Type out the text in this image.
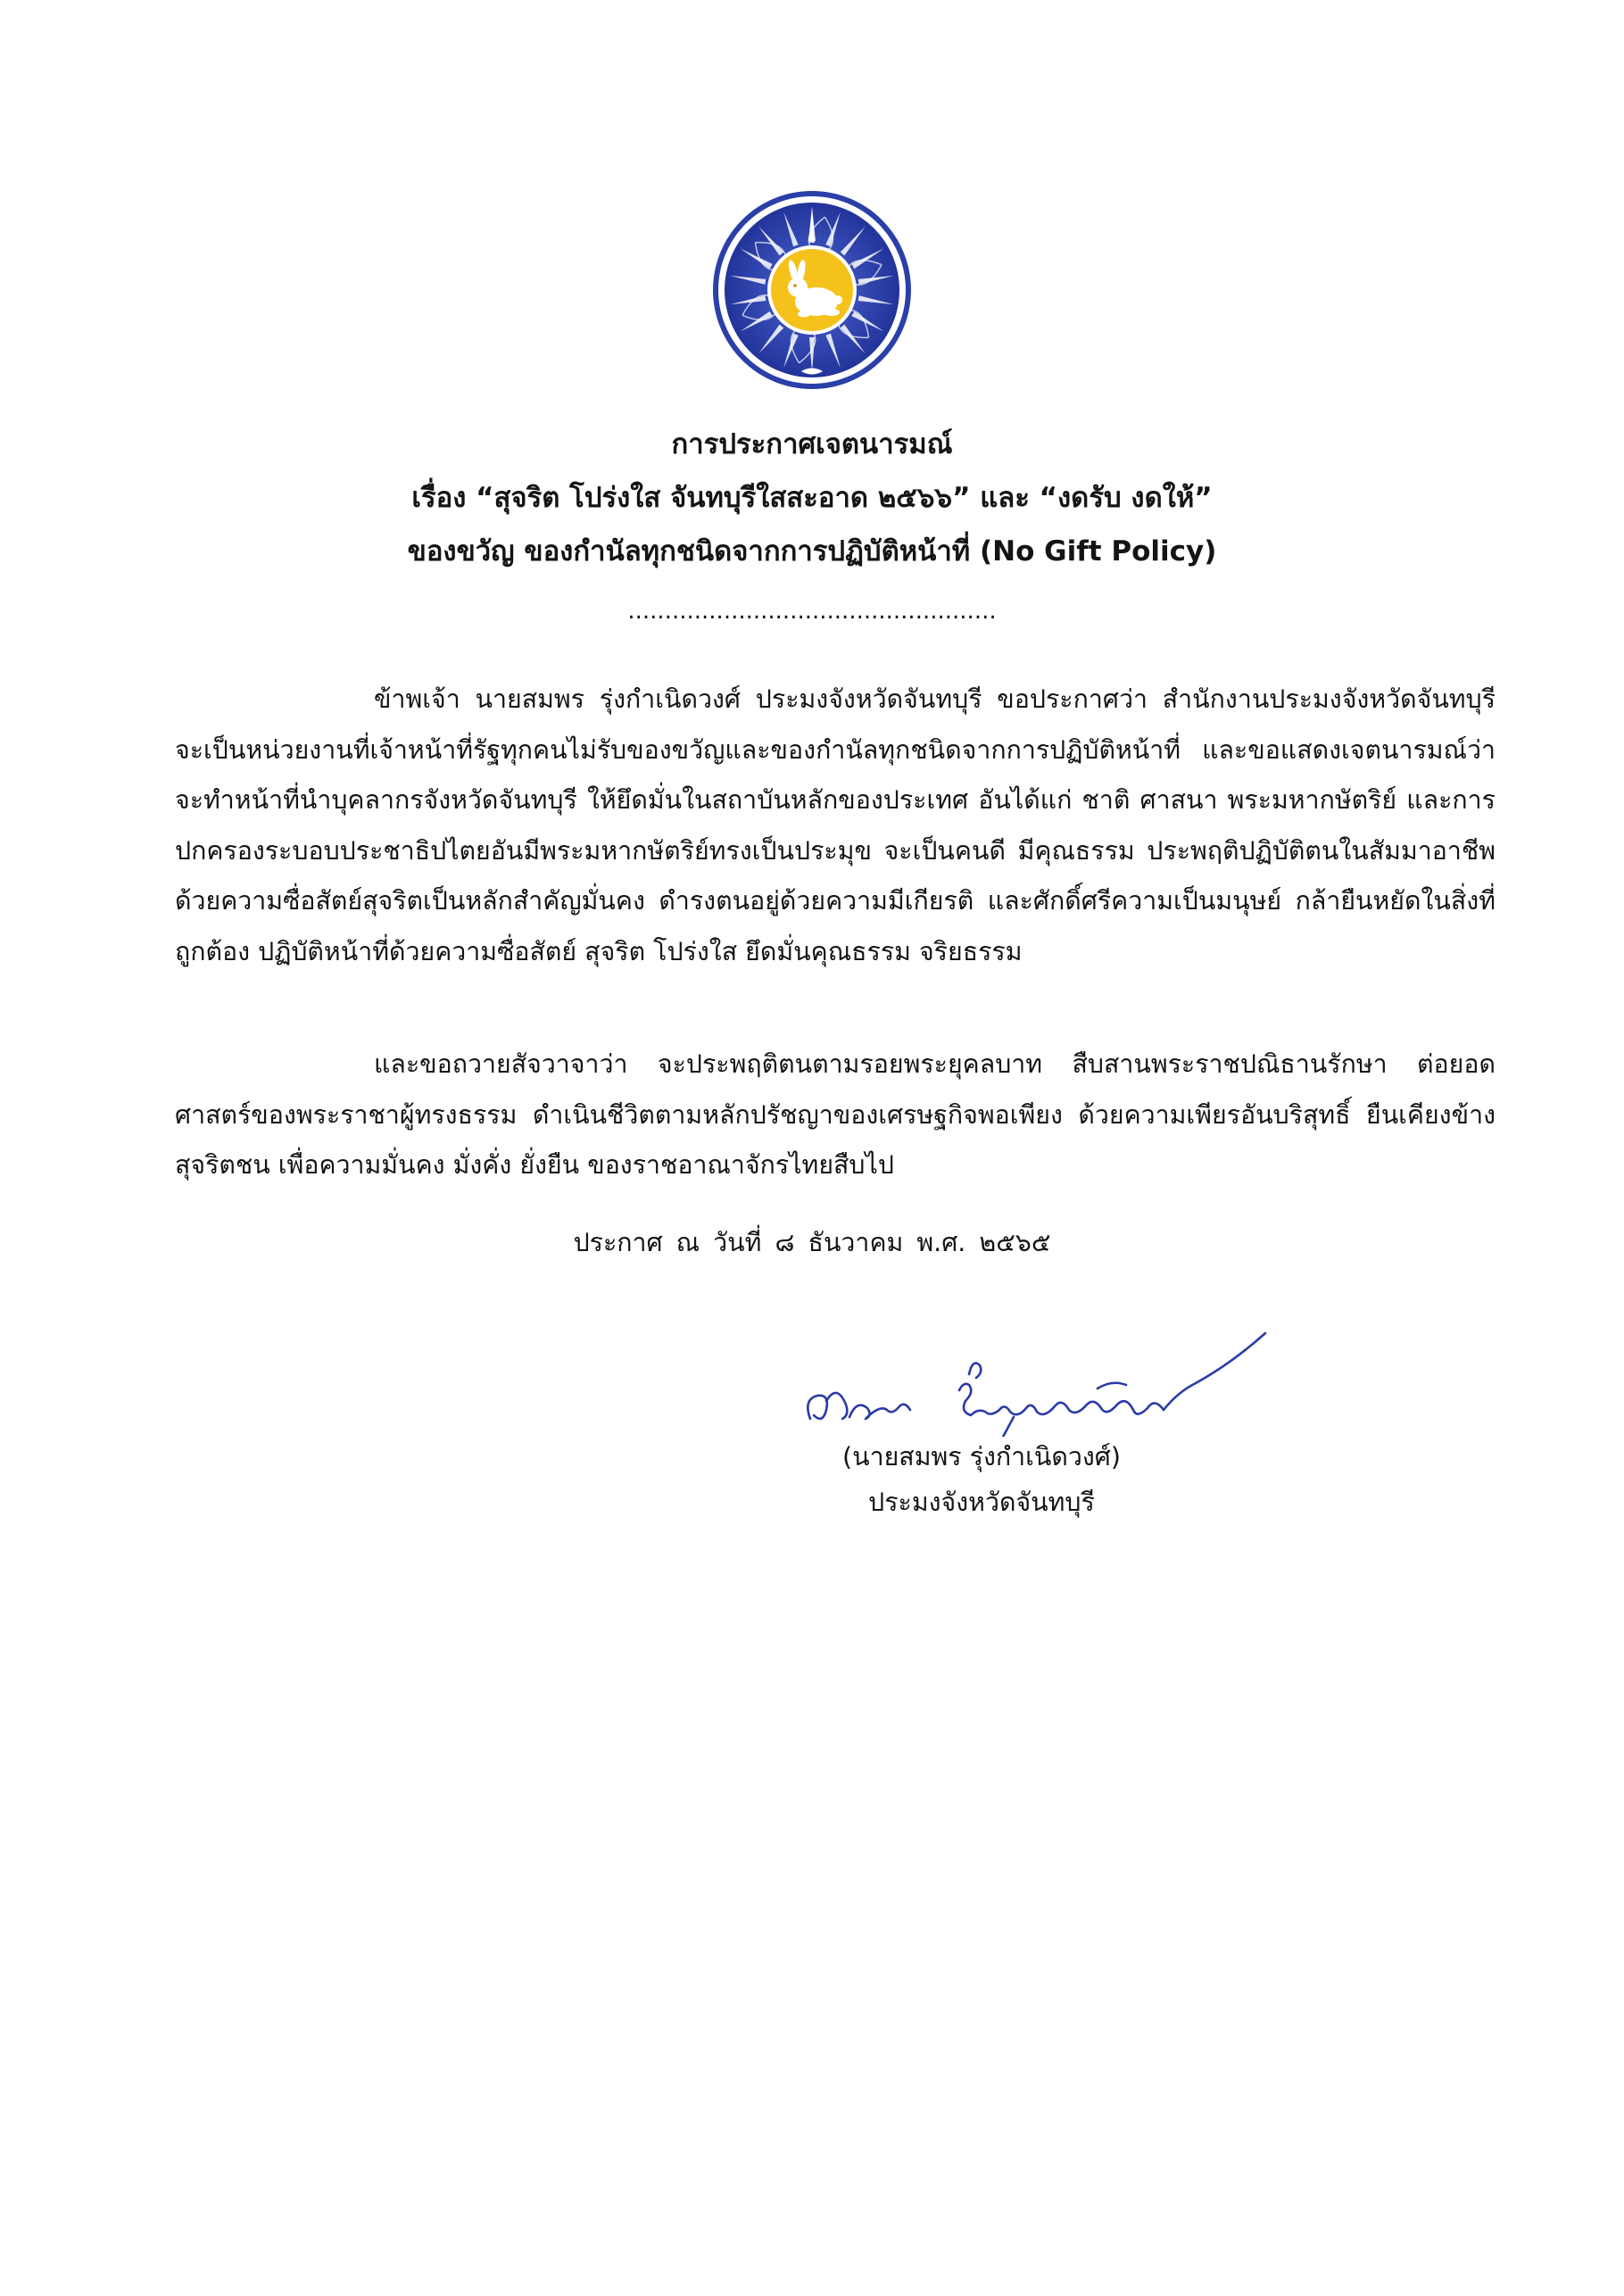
การประกาศเจตนารมณ์
เรื่อง “สุจริต โปร่งใส จันทบุรีใสสะอาด ๒๕๖๖” และ “งดรับ งดให้”
ของขวัญ ของกำนัลทุกชนิดจากการปฏิบัติหน้าที่ (No Gift Policy)
..................................................
ข้าพเจ้า นายสมพร รุ่งกำเนิดวงศ์ ประมงจังหวัดจันทบุรี ขอประกาศว่า สำนักงานประมงจังหวัดจันทบุรี จะเป็นหน่วยงานที่เจ้าหน้าที่รัฐทุกคนไม่รับของขวัญและของกำนัลทุกชนิดจากการปฏิบัติหน้าที่ และขอแสดงเจตนารมณ์ว่า จะทำหน้าที่นำบุคลากรจังหวัดจันทบุรี ให้ยึดมั่นในสถาบันหลักของประเทศ อันได้แก่ ชาติ ศาสนา พระมหากษัตริย์ และการปกครองระบอบประชาธิปไตยอันมีพระมหากษัตริย์ทรงเป็นประมุข จะเป็นคนดี มีคุณธรรม ประพฤติปฏิบัติตนในสัมมาอาชีพ ด้วยความซื่อสัตย์สุจริตเป็นหลักสำคัญมั่นคง ดำรงตนอยู่ด้วยความมีเกียรติ และศักดิ์ศรีความเป็นมนุษย์ กล้ายืนหยัดในสิ่งที่ถูกต้อง ปฏิบัติหน้าที่ด้วยความซื่อสัตย์ สุจริต โปร่งใส ยึดมั่นคุณธรรม จริยธรรม
และขอถวายสัจวาจาว่า จะประพฤติตนตามรอยพระยุคลบาท สืบสานพระราชปณิธานรักษา ต่อยอดศาสตร์ของพระราชาผู้ทรงธรรม ดำเนินชีวิตตามหลักปรัชญาของเศรษฐกิจพอเพียง ด้วยความเพียรอันบริสุทธิ์ ยืนเคียงข้างสุจริตชน เพื่อความมั่นคง มั่งคั่ง ยั่งยืน ของราชอาณาจักรไทยสืบไป
ประกาศ ณ วันที่ ๘ ธันวาคม พ.ศ. ๒๕๖๕
(นายสมพร รุ่งกำเนิดวงศ์)
ประมงจังหวัดจันทบุรี
